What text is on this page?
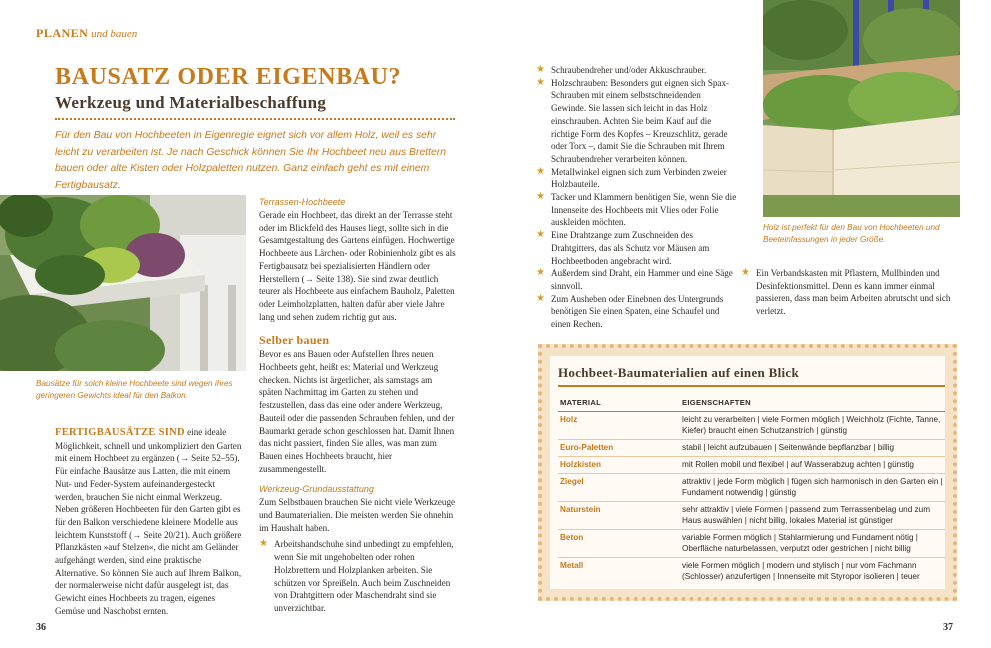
PLANEN und bauen
BAUSATZ ODER EIGENBAU?
Werkzeug und Materialbeschaffung
Für den Bau von Hochbeeten in Eigenregie eignet sich vor allem Holz, weil es sehr leicht zu verarbeiten ist. Je nach Geschick können Sie Ihr Hochbeet neu aus Brettern bauen oder alte Kisten oder Holzpaletten nutzen. Ganz einfach geht es mit einem Fertigbausatz.
Bausätze für solch kleine Hochbeete sind wegen ihres geringeren Gewichts ideal für den Balkon.
FERTIGBAUSÄTZE SIND eine ideale Möglichkeit, schnell und unkompliziert den Garten mit einem Hochbeet zu ergänzen (→ Seite 52–55). Für einfache Bausätze aus Latten, die mit einem Nut- und Feder-System aufeinandergesteckt werden, brauchen Sie nicht einmal Werkzeug. Neben größeren Hochbeeten für den Garten gibt es für den Balkon verschiedene kleinere Modelle aus leichtem Kunststoff (→ Seite 20/21). Auch größere Pflanzkästen »auf Stelzen«, die nicht am Geländer aufgehängt werden, sind eine praktische Alternative. So können Sie auch auf Ihrem Balkon, der normalerweise nicht dafür ausgelegt ist, das Gewicht eines Hochbeets zu tragen, eigenes Gemüse und Naschobst ernten.
Terrassen-Hochbeete
Gerade ein Hochbeet, das direkt an der Terrasse steht oder im Blickfeld des Hauses liegt, sollte sich in die Gesamtgestaltung des Gartens einfügen. Hochwertige Hochbeete aus Lärchen- oder Robinienholz gibt es als Fertigbausatz bei spezialisierten Händlern oder Herstellern (→ Seite 138). Sie sind zwar deutlich teurer als Hochbeete aus einfachem Bauholz, Paletten oder Leimholzplatten, halten dafür aber viele Jahre lang und sehen zudem richtig gut aus.
Selber bauen
Bevor es ans Bauen oder Aufstellen Ihres neuen Hochbeets geht, heißt es: Material und Werkzeug checken. Nichts ist ärgerlicher, als samstags am späten Nachmittag im Garten zu stehen und festzustellen, dass das eine oder andere Werkzeug, Bauteil oder die passenden Schrauben fehlen, und der Baumarkt gerade schon geschlossen hat. Damit Ihnen das nicht passiert, finden Sie alles, was man zum Bauen eines Hochbeets braucht, hier zusammengestellt.
Werkzeug-Grundausstattung
Zum Selbstbauen brauchen Sie nicht viele Werkzeuge und Baumaterialien. Die meisten werden Sie ohnehin im Haushalt haben.
★ Arbeitshandschuhe sind unbedingt zu empfehlen, wenn Sie mit ungehobelten oder rohen Holzbrettern und Holzplanken arbeiten. Sie schützen vor Spreißeln. Auch beim Zuschneiden von Drahtgittern oder Maschendraht sind sie unverzichtbar.
★ Schraubendreher und/oder Akkuschrauber.
★ Holzschrauben: Besonders gut eignen sich Spax-Schrauben mit einem selbstschneidenden Gewinde. Sie lassen sich leicht in das Holz einschrauben. Achten Sie beim Kauf auf die richtige Form des Kopfes – Kreuzschlitz, gerade oder Torx –, damit Sie die Schrauben mit Ihrem Schraubendreher verarbeiten können.
★ Metallwinkel eignen sich zum Verbinden zweier Holzbauteile.
★ Tacker und Klammern benötigen Sie, wenn Sie die Innenseite des Hochbeets mit Vlies oder Folie auskleiden möchten.
★ Eine Drahtzange zum Zuschneiden des Drahtgitters, das als Schutz vor Mäusen am Hochbeetboden angebracht wird.
★ Außerdem sind Draht, ein Hammer und eine Säge sinnvoll.
★ Zum Ausheben oder Einebnen des Untergrunds benötigen Sie einen Spaten, eine Schaufel und einen Rechen.
Holz ist perfekt für den Bau von Hochbeeten und Beeteinfassungen in jeder Größe.
★ Ein Verbandskasten mit Pflastern, Mullbinden und Desinfektionsmittel. Denn es kann immer einmal passieren, dass man beim Arbeiten abrutscht und sich verletzt.
Hochbeet-Baumaterialien auf einen Blick
MATERIAL	EIGENSCHAFTEN
Holz	leicht zu verarbeiten | viele Formen möglich | Weichholz (Fichte, Tanne, Kiefer) braucht einen Schutzanstrich | günstig
Euro-Paletten	stabil | leicht aufzubauen | Seitenwände bepflanzbar | billig
Holzkisten	mit Rollen mobil und flexibel | auf Wasserabzug achten | günstig
Ziegel	attraktiv | jede Form möglich | fügen sich harmonisch in den Garten ein | Fundament notwendig | günstig
Naturstein	sehr attraktiv | viele Formen | passend zum Terrassenbelag und zum Haus auswählen | nicht billig, lokales Material ist günstiger
Beton	variable Formen möglich | Stahlarmierung und Fundament nötig | Oberfläche naturbelassen, verputzt oder gestrichen | nicht billig
Metall	viele Formen möglich | modern und stylisch | nur vom Fachmann (Schlosser) anzufertigen | Innenseite mit Styropor isolieren | teuer
36	37
